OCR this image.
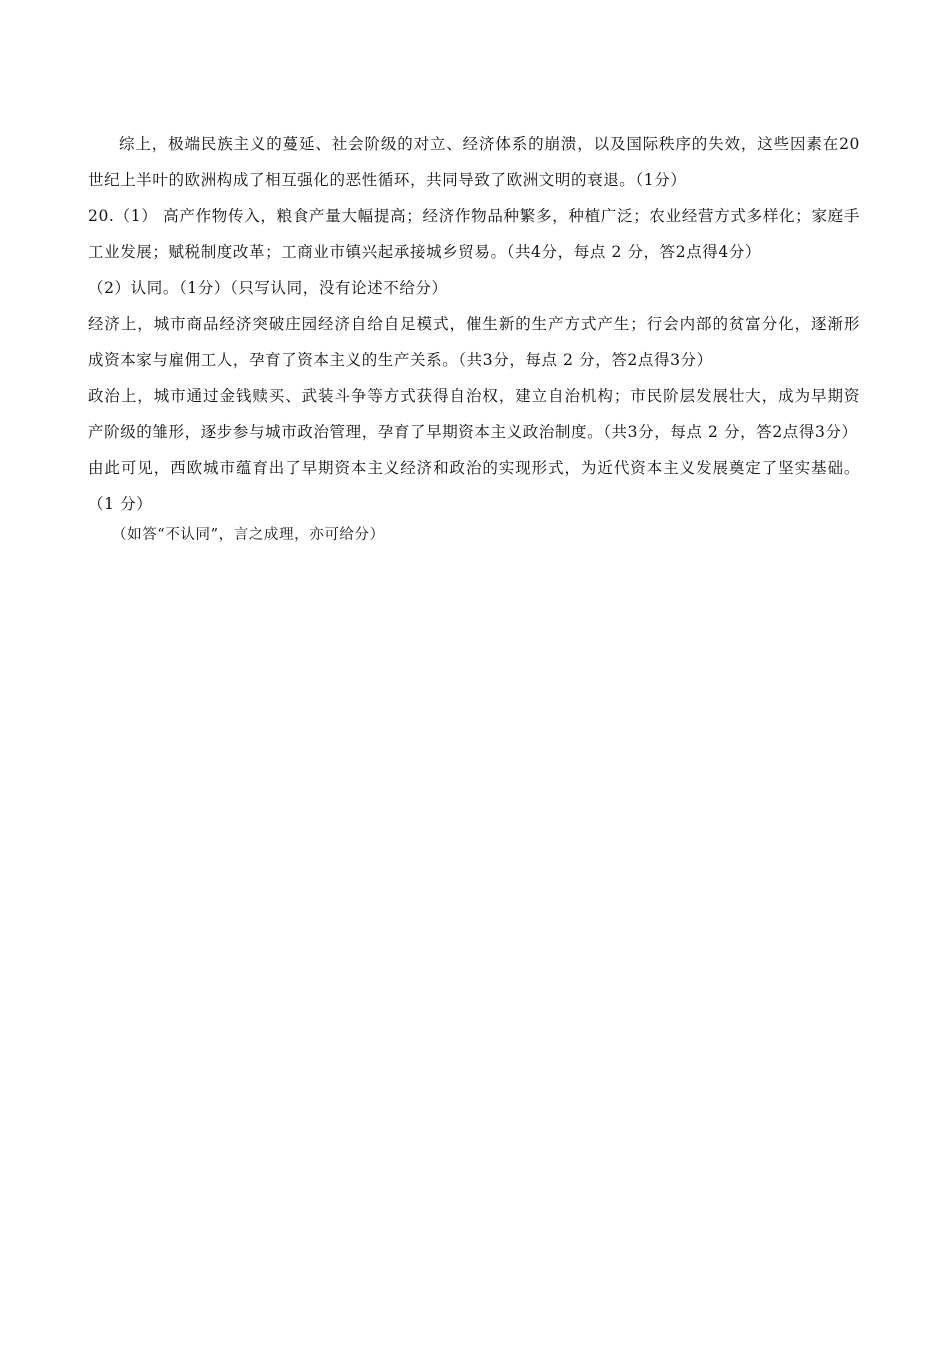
综上，极端民族主义的蔓延、社会阶级的对立、经济体系的崩溃，以及国际秩序的失效，这些因素在20世纪上半叶的欧洲构成了相互强化的恶性循环，共同导致了欧洲文明的衰退。（1分）

20.（1） 高产作物传入，粮食产量大幅提高；经济作物品种繁多，种植广泛；农业经营方式多样化；家庭手工业发展；赋税制度改革；工商业市镇兴起承接城乡贸易。（共4分，每点 2 分，答2点得4分）

（2）认同。（1分）（只写认同，没有论述不给分）

经济上，城市商品经济突破庄园经济自给自足模式，催生新的生产方式产生；行会内部的贫富分化，逐渐形成资本家与雇佣工人，孕育了资本主义的生产关系。（共3分，每点 2 分，答2点得3分）

政治上，城市通过金钱赎买、武装斗争等方式获得自治权，建立自治机构；市民阶层发展壮大，成为早期资产阶级的雏形，逐步参与城市政治管理，孕育了早期资本主义政治制度。（共3分，每点 2 分，答2点得3分）

由此可见，西欧城市蕴育出了早期资本主义经济和政治的实现形式，为近代资本主义发展奠定了坚实基础。（1 分）

（如答“不认同”，言之成理，亦可给分）
